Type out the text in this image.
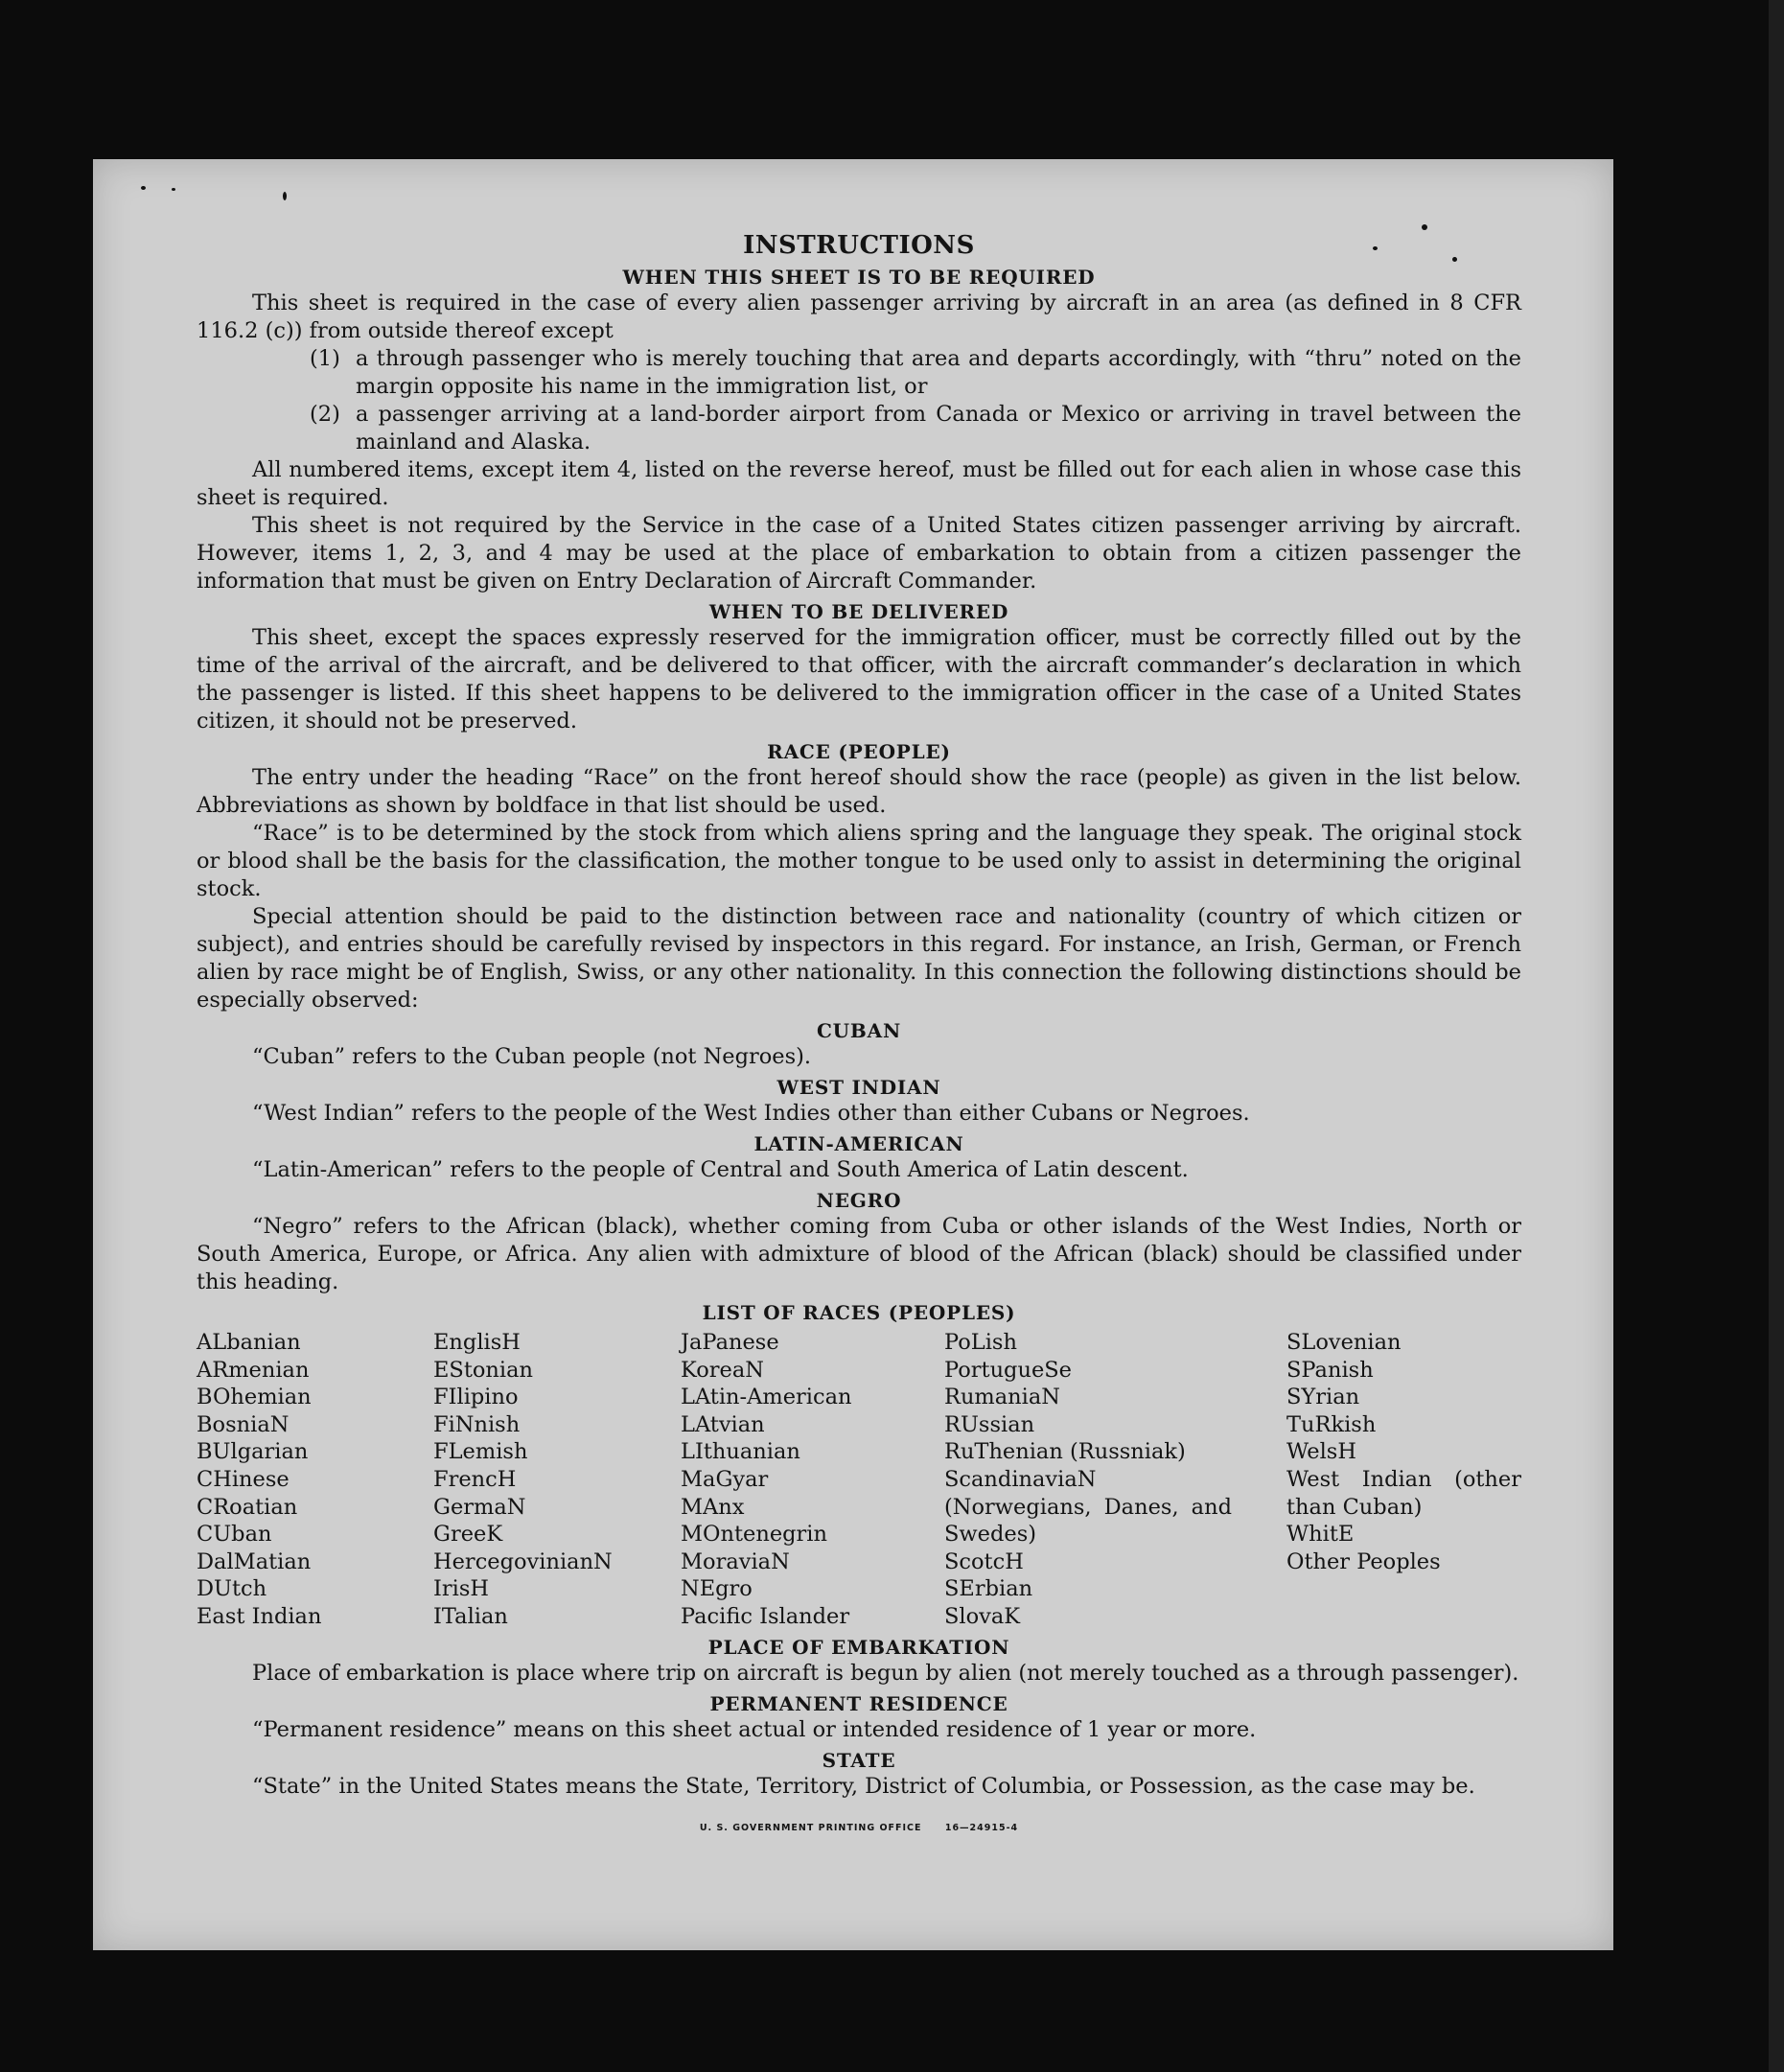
INSTRUCTIONS
WHEN THIS SHEET IS TO BE REQUIRED

This sheet is required in the case of every alien passenger arriving by aircraft in an area (as defined in 8 CFR 116.2 (c)) from outside thereof except

(1) a through passenger who is merely touching that area and departs accordingly, with “thru” noted on the margin opposite his name in the immigration list, or
(2) a passenger arriving at a land-border airport from Canada or Mexico or arriving in travel between the mainland and Alaska.

All numbered items, except item 4, listed on the reverse hereof, must be filled out for each alien in whose case this sheet is required.

This sheet is not required by the Service in the case of a United States citizen passenger arriving by aircraft. However, items 1, 2, 3, and 4 may be used at the place of embarkation to obtain from a citizen passenger the information that must be given on Entry Declaration of Aircraft Commander.

WHEN TO BE DELIVERED

This sheet, except the spaces expressly reserved for the immigration officer, must be correctly filled out by the time of the arrival of the aircraft, and be delivered to that officer, with the aircraft commander’s declaration in which the passenger is listed. If this sheet happens to be delivered to the immigration officer in the case of a United States citizen, it should not be preserved.

RACE (PEOPLE)

The entry under the heading “Race” on the front hereof should show the race (people) as given in the list below. Abbreviations as shown by boldface in that list should be used.

“Race” is to be determined by the stock from which aliens spring and the language they speak. The original stock or blood shall be the basis for the classification, the mother tongue to be used only to assist in determining the original stock.

Special attention should be paid to the distinction between race and nationality (country of which citizen or subject), and entries should be carefully revised by inspectors in this regard. For instance, an Irish, German, or French alien by race might be of English, Swiss, or any other nationality. In this connection the following distinctions should be especially observed:

CUBAN

“Cuban” refers to the Cuban people (not Negroes).

WEST INDIAN

“West Indian” refers to the people of the West Indies other than either Cubans or Negroes.

LATIN-AMERICAN

“Latin-American” refers to the people of Central and South America of Latin descent.

NEGRO

“Negro” refers to the African (black), whether coming from Cuba or other islands of the West Indies, North or South America, Europe, or Africa. Any alien with admixture of blood of the African (black) should be classified under this heading.

LIST OF RACES (PEOPLES)
ALbanian
ARmenian
BOhemian
BosniaN
BUlgarian
CHinese
CRoatian
CUban
DalMatian
DUtch
East Indian
EnglisH
EStonian
FIlipino
FiNnish
FLemish
FrencH
GermaN
GreeK
HercegovinianN
IrisH
ITalian
JaPanese
KoreaN
LAtin-American
LAtvian
LIthuanian
MaGyar
MAnx
MOntenegrin
MoraviaN
NEgro
Pacific Islander
PoLish
PortugueSe
RumaniaN
RUssian
RuThenian (Russniak)
ScandinaviaN (Norwegians, Danes, and Swedes)
ScotcH
SErbian
SlovaK
SLovenian
SPanish
SYrian
TuRkish
WelsH
West Indian (other than Cuban)
WhitE
Other Peoples
PLACE OF EMBARKATION

Place of embarkation is place where trip on aircraft is begun by alien (not merely touched as a through passenger).

PERMANENT RESIDENCE

“Permanent residence” means on this sheet actual or intended residence of 1 year or more.

STATE

“State” in the United States means the State, Territory, District of Columbia, or Possession, as the case may be.

U. S. GOVERNMENT PRINTING OFFICE	16—24915-4
